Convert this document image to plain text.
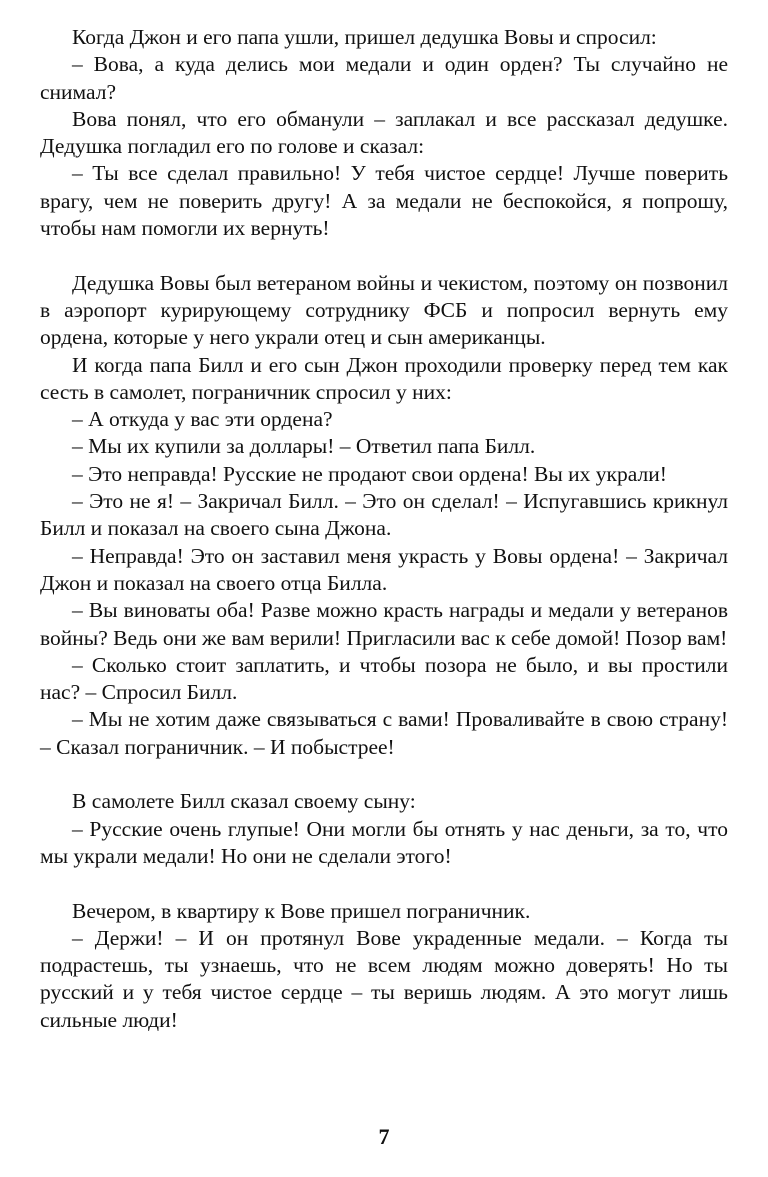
Когда Джон и его папа ушли, пришел дедушка Вовы и спросил:

– Вова, а куда делись мои медали и один орден? Ты случайно не снимал?

Вова понял, что его обманули – заплакал и все рассказал дедушке. Дедушка погладил его по голове и сказал:

– Ты все сделал правильно! У тебя чистое сердце! Лучше поверить врагу, чем не поверить другу! А за медали не беспокойся, я попрошу, чтобы нам помогли их вернуть!

Дедушка Вовы был ветераном войны и чекистом, поэтому он позвонил в аэропорт курирующему сотруднику ФСБ и попросил вернуть ему ордена, которые у него украли отец и сын американцы.

И когда папа Билл и его сын Джон проходили проверку перед тем как сесть в самолет, пограничник спросил у них:

– А откуда у вас эти ордена?

– Мы их купили за доллары! – Ответил папа Билл.

– Это неправда! Русские не продают свои ордена! Вы их украли!

– Это не я! – Закричал Билл. – Это он сделал! – Испугавшись крикнул Билл и показал на своего сына Джона.

– Неправда! Это он заставил меня украсть у Вовы ордена! – Закричал Джон и показал на своего отца Билла.

– Вы виноваты оба! Разве можно красть награды и медали у ветеранов войны? Ведь они же вам верили! Пригласили вас к себе домой! Позор вам!

– Сколько стоит заплатить, и чтобы позора не было, и вы простили нас? – Спросил Билл.

– Мы не хотим даже связываться с вами! Проваливайте в свою страну! – Сказал пограничник. – И побыстрее!

В самолете Билл сказал своему сыну:

– Русские очень глупые! Они могли бы отнять у нас деньги, за то, что мы украли медали! Но они не сделали этого!

Вечером, в квартиру к Вове пришел пограничник.

– Держи! – И он протянул Вове украденные медали. – Когда ты подрастешь, ты узнаешь, что не всем людям можно доверять! Но ты русский и у тебя чистое сердце – ты веришь людям. А это могут лишь сильные люди!

7
